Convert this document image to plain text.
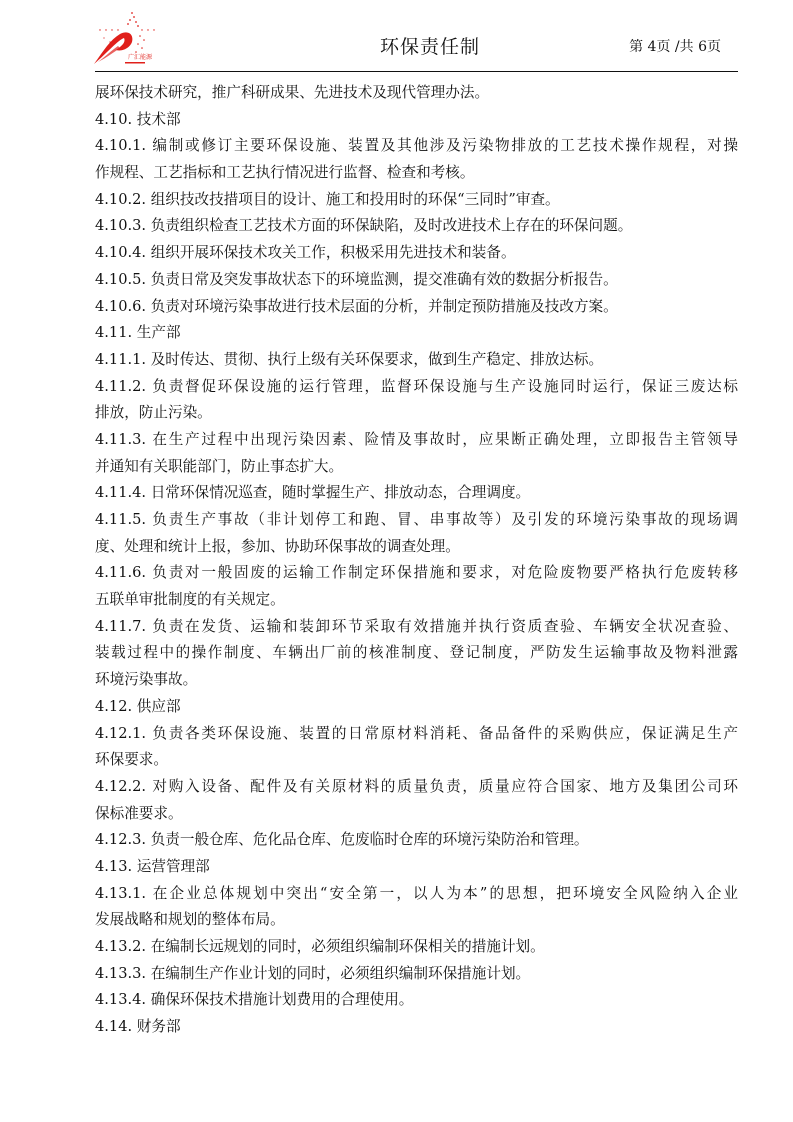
广汇能源	环保责任制	第 4页 /共 6页
展环保技术研究，推广科研成果、先进技术及现代管理办法。
4.10. 技术部
4.10.1. 编制或修订主要环保设施、装置及其他涉及污染物排放的工艺技术操作规程，对操
作规程、工艺指标和工艺执行情况进行监督、检查和考核。
4.10.2. 组织技改技措项目的设计、施工和投用时的环保“三同时”审查。
4.10.3. 负责组织检查工艺技术方面的环保缺陷，及时改进技术上存在的环保问题。
4.10.4. 组织开展环保技术攻关工作，积极采用先进技术和装备。
4.10.5. 负责日常及突发事故状态下的环境监测，提交准确有效的数据分析报告。
4.10.6. 负责对环境污染事故进行技术层面的分析，并制定预防措施及技改方案。
4.11. 生产部
4.11.1. 及时传达、贯彻、执行上级有关环保要求，做到生产稳定、排放达标。
4.11.2. 负责督促环保设施的运行管理，监督环保设施与生产设施同时运行，保证三废达标
排放，防止污染。
4.11.3. 在生产过程中出现污染因素、险情及事故时，应果断正确处理，立即报告主管领导
并通知有关职能部门，防止事态扩大。
4.11.4. 日常环保情况巡查，随时掌握生产、排放动态，合理调度。
4.11.5. 负责生产事故（非计划停工和跑、冒、串事故等）及引发的环境污染事故的现场调
度、处理和统计上报，参加、协助环保事故的调查处理。
4.11.6. 负责对一般固废的运输工作制定环保措施和要求，对危险废物要严格执行危废转移
五联单审批制度的有关规定。
4.11.7. 负责在发货、运输和装卸环节采取有效措施并执行资质查验、车辆安全状况查验、
装载过程中的操作制度、车辆出厂前的核准制度、登记制度，严防发生运输事故及物料泄露
环境污染事故。
4.12. 供应部
4.12.1. 负责各类环保设施、装置的日常原材料消耗、备品备件的采购供应，保证满足生产
环保要求。
4.12.2. 对购入设备、配件及有关原材料的质量负责，质量应符合国家、地方及集团公司环
保标准要求。
4.12.3. 负责一般仓库、危化品仓库、危废临时仓库的环境污染防治和管理。
4.13. 运营管理部
4.13.1. 在企业总体规划中突出“安全第一，以人为本”的思想，把环境安全风险纳入企业
发展战略和规划的整体布局。
4.13.2. 在编制长远规划的同时，必须组织编制环保相关的措施计划。
4.13.3. 在编制生产作业计划的同时，必须组织编制环保措施计划。
4.13.4. 确保环保技术措施计划费用的合理使用。
4.14. 财务部
